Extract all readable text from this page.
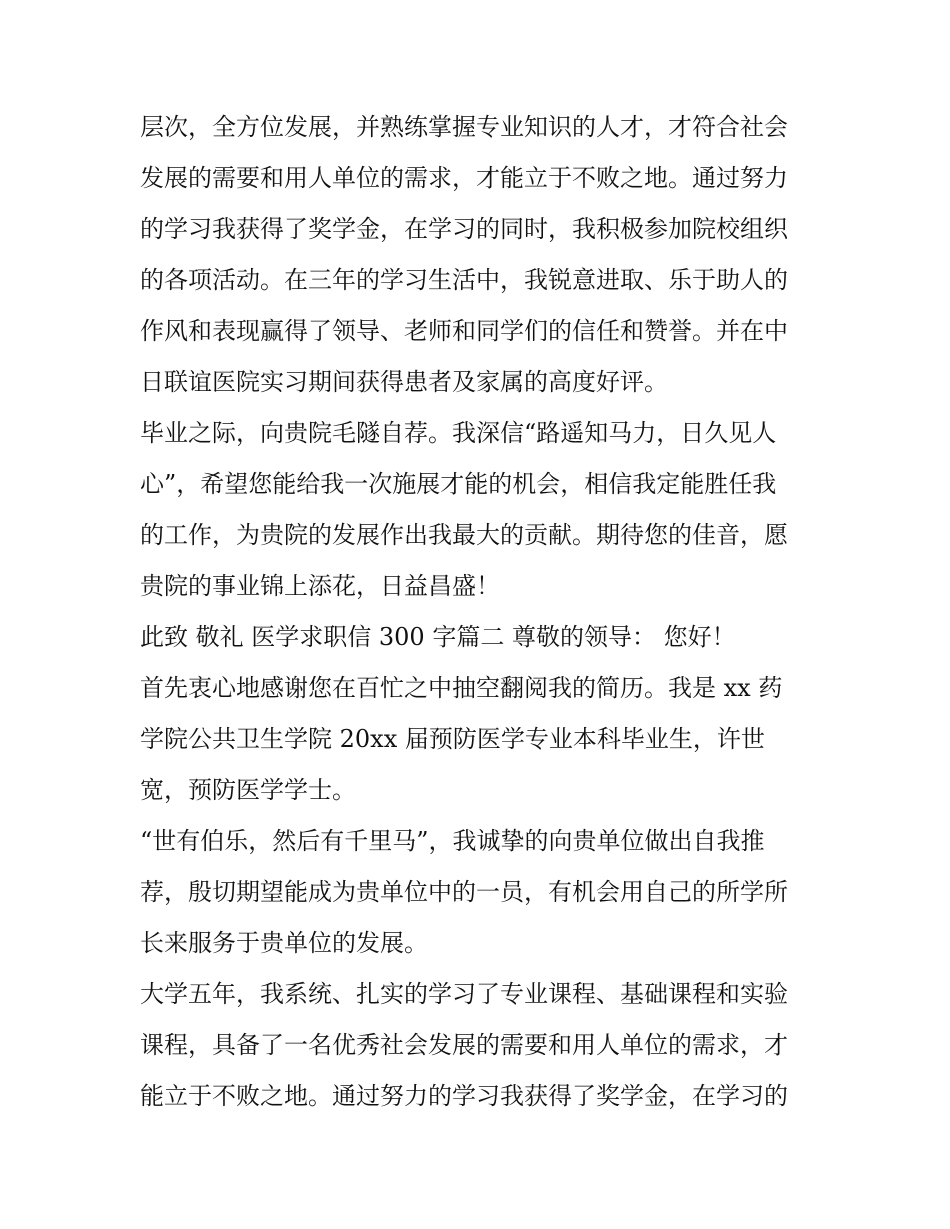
层次，全方位发展，并熟练掌握专业知识的人才，才符合社会
发展的需要和用人单位的需求，才能立于不败之地。通过努力
的学习我获得了奖学金，在学习的同时，我积极参加院校组织
的各项活动。在三年的学习生活中，我锐意进取、乐于助人的
作风和表现赢得了领导、老师和同学们的信任和赞誉。并在中
日联谊医院实习期间获得患者及家属的高度好评。

毕业之际，向贵院毛隧自荐。我深信“路遥知马力，日久见人
心”，希望您能给我一次施展才能的机会，相信我定能胜任我
的工作，为贵院的发展作出我最大的贡献。期待您的佳音，愿
贵院的事业锦上添花，日益昌盛！

此致 敬礼 医学求职信 300 字篇二 尊敬的领导： 您好！

首先衷心地感谢您在百忙之中抽空翻阅我的简历。我是 xx 药
学院公共卫生学院 20xx 届预防医学专业本科毕业生，许世
宽，预防医学学士。

“世有伯乐，然后有千里马”，我诚挚的向贵单位做出自我推
荐，殷切期望能成为贵单位中的一员，有机会用自己的所学所
长来服务于贵单位的发展。

大学五年，我系统、扎实的学习了专业课程、基础课程和实验
课程，具备了一名优秀社会发展的需要和用人单位的需求，才
能立于不败之地。通过努力的学习我获得了奖学金，在学习的
